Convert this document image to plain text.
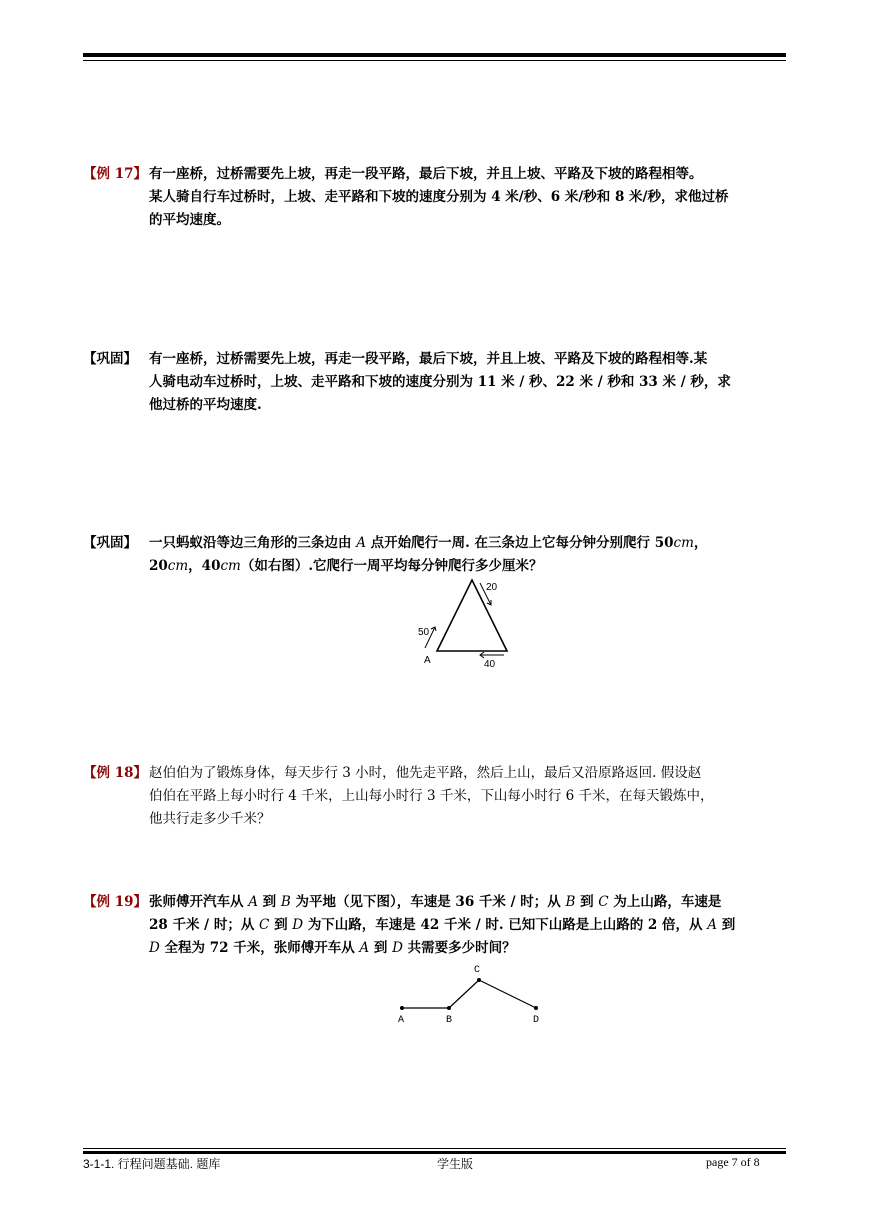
【例 17】 有一座桥，过桥需要先上坡，再走一段平路，最后下坡，并且上坡、平路及下坡的路程相等。
某人骑自行车过桥时，上坡、走平路和下坡的速度分别为 4 米/秒、6 米/秒和 8 米/秒，求他过桥
的平均速度。
【巩固】 有一座桥，过桥需要先上坡，再走一段平路，最后下坡，并且上坡、平路及下坡的路程相等.某
人骑电动车过桥时，上坡、走平路和下坡的速度分别为 11 米 / 秒、22 米 / 秒和 33 米 / 秒，求
他过桥的平均速度.
【巩固】 一只蚂蚁沿等边三角形的三条边由 A 点开始爬行一周. 在三条边上它每分钟分别爬行 50cm，
20cm，40cm（如右图）.它爬行一周平均每分钟爬行多少厘米？
20
50
40
A
【例 18】 赵伯伯为了锻炼身体，每天步行 3 小时，他先走平路，然后上山，最后又沿原路返回. 假设赵
伯伯在平路上每小时行 4 千米，上山每小时行 3 千米，下山每小时行 6 千米，在每天锻炼中，
他共行走多少千米？
【例 19】 张师傅开汽车从 A 到 B 为平地（见下图），车速是 36 千米 / 时；从 B 到 C 为上山路，车速是
28 千米 / 时；从 C 到 D 为下山路，车速是 42 千米 / 时. 已知下山路是上山路的 2 倍，从 A 到
D 全程为 72 千米，张师傅开车从 A 到 D 共需要多少时间？
A	B
C
D
3-1-1. 行程问题基础. 题库	学生版	page 7 of 8
